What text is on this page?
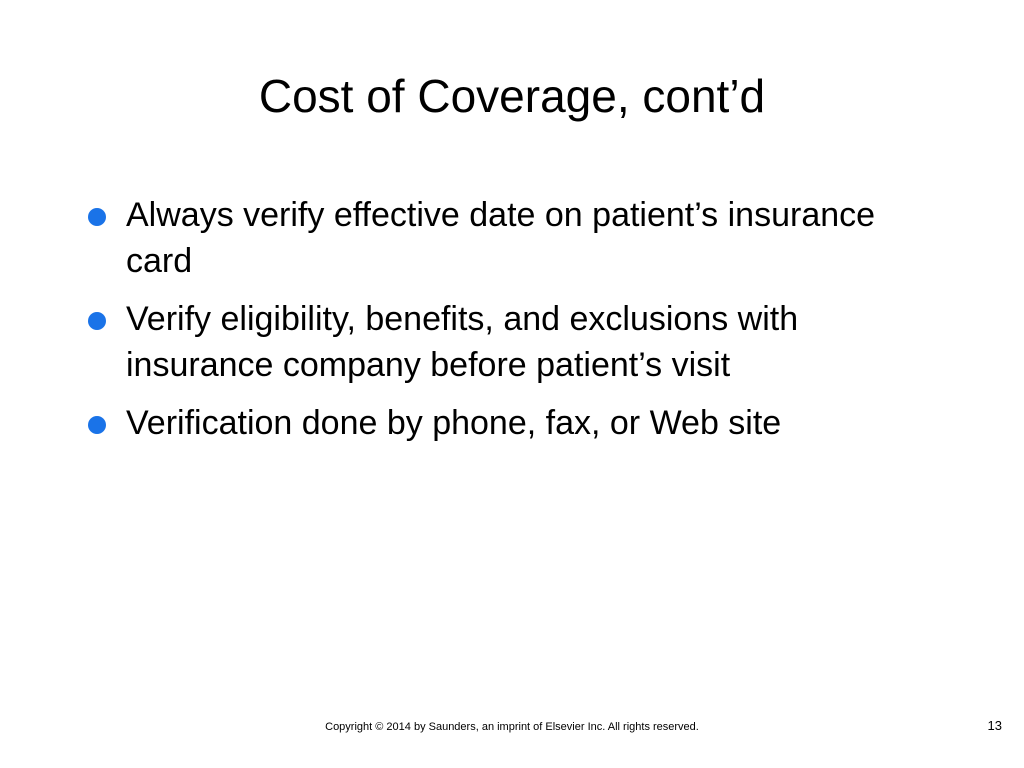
Cost of Coverage, cont’d
Always verify effective date on patient’s insurance card
Verify eligibility, benefits, and exclusions with insurance company before patient’s visit
Verification done by phone, fax, or Web site
Copyright © 2014 by Saunders, an imprint of Elsevier Inc. All rights reserved.	13
